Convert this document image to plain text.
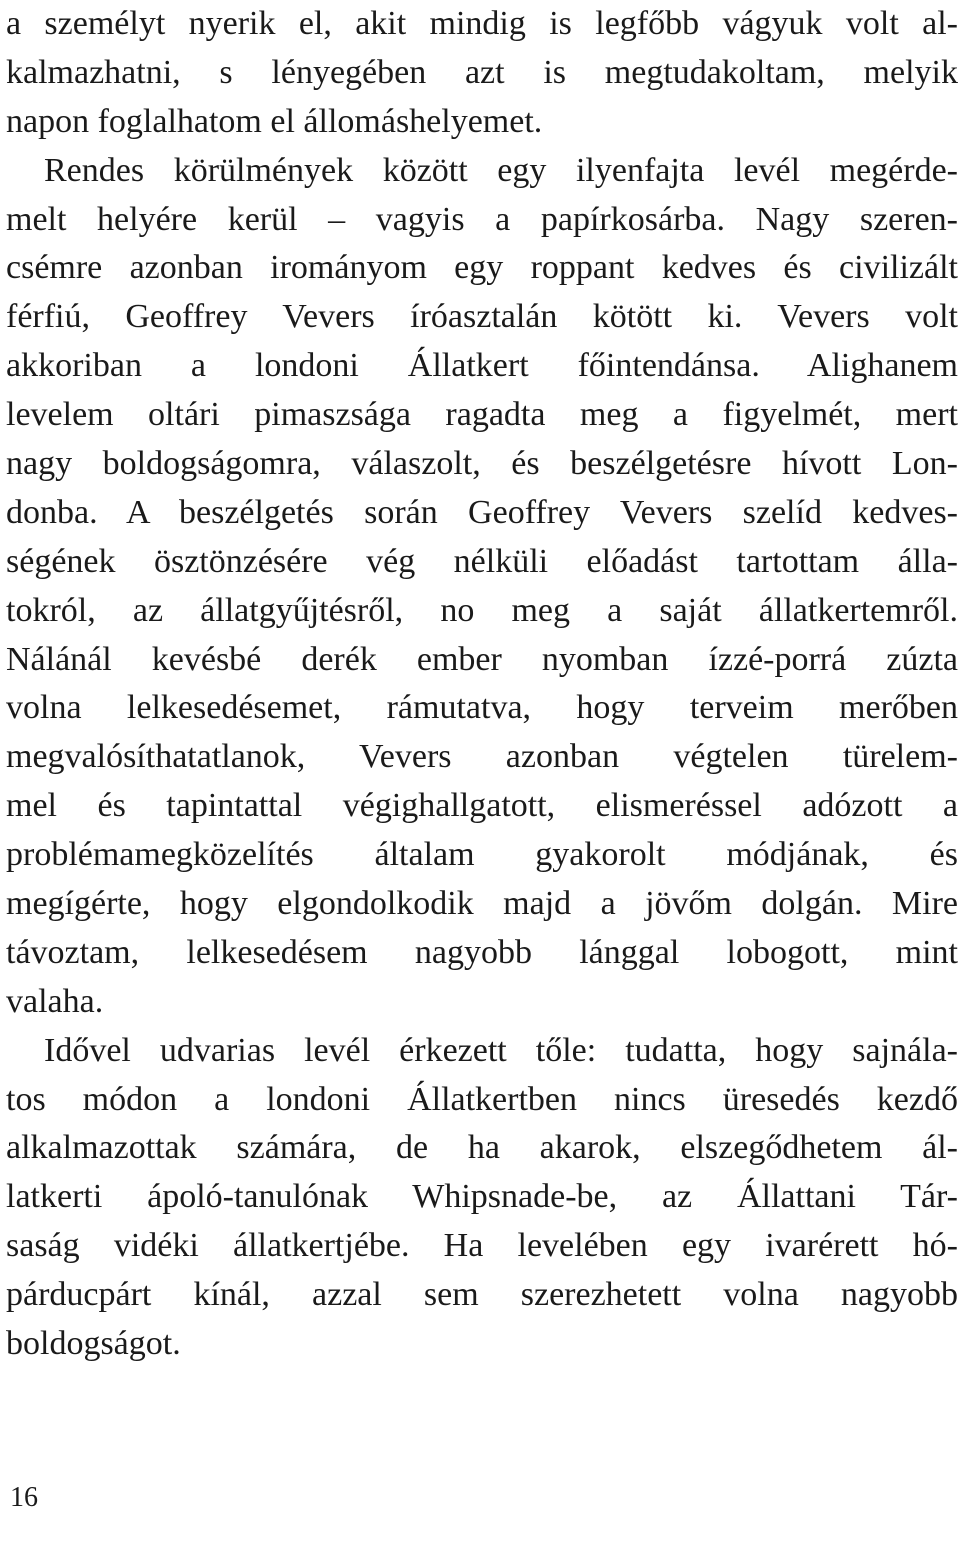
a személyt nyerik el, akit mindig is legfőbb vágyuk volt al-
kalmazhatni, s lényegében azt is megtudakoltam, melyik
napon foglalhatom el állomáshelyemet.
Rendes körülmények között egy ilyenfajta levél megérde-
melt helyére kerül – vagyis a papírkosárba. Nagy szeren-
csémre azonban irományom egy roppant kedves és civilizált
férfiú, Geoffrey Vevers íróasztalán kötött ki. Vevers volt
akkoriban a londoni Állatkert főintendánsa. Alighanem
levelem oltári pimaszsága ragadta meg a figyelmét, mert
nagy boldogságomra, válaszolt, és beszélgetésre hívott Lon-
donba. A beszélgetés során Geoffrey Vevers szelíd kedves-
ségének ösztönzésére vég nélküli előadást tartottam álla-
tokról, az állatgyűjtésről, no meg a saját állatkertemről.
Nálánál kevésbé derék ember nyomban ízzé-porrá zúzta
volna lelkesedésemet, rámutatva, hogy terveim merőben
megvalósíthatatlanok, Vevers azonban végtelen türelem-
mel és tapintattal végighallgatott, elismeréssel adózott a
problémamegközelítés általam gyakorolt módjának, és
megígérte, hogy elgondolkodik majd a jövőm dolgán. Mire
távoztam, lelkesedésem nagyobb lánggal lobogott, mint
valaha.
Idővel udvarias levél érkezett tőle: tudatta, hogy sajnála-
tos módon a londoni Állatkertben nincs üresedés kezdő
alkalmazottak számára, de ha akarok, elszegődhetem ál-
latkerti ápoló-tanulónak Whipsnade-be, az Állattani Tár-
saság vidéki állatkertjébe. Ha levelében egy ivarérett hó-
párducpárt kínál, azzal sem szerezhetett volna nagyobb
boldogságot.
16
